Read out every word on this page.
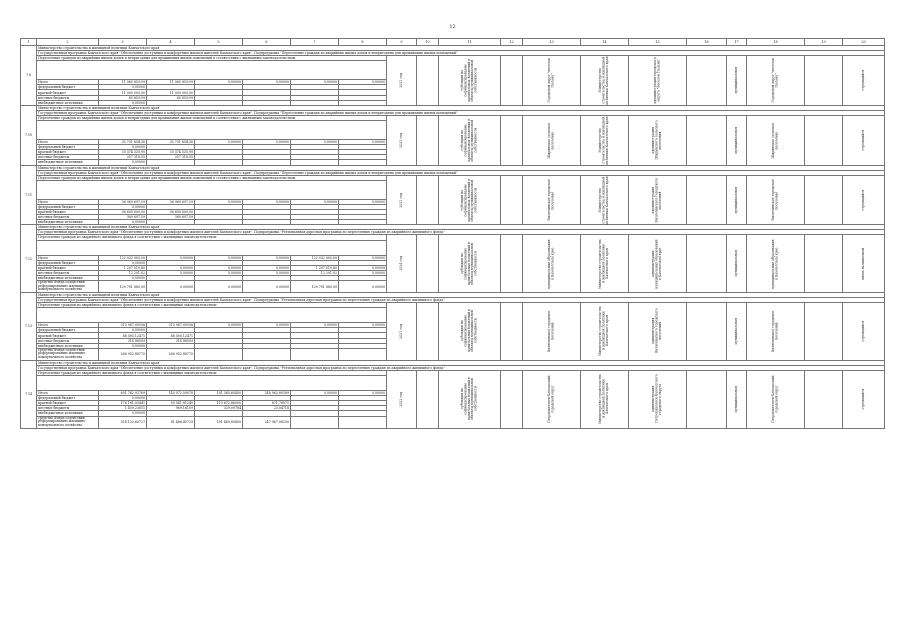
12
1	2	3	4	5	6	7	8	9	10	11	12	13	14	15	16	17	18	19	20
7.8	Министерство строительства и жилищной политики Камчатского края																		
	Государственная программа Камчатского края "Обеспечение доступным и комфортным жильем жителей Камчатского края". Подпрограмма "Переселение граждан из аварийных жилых домов и непригодных для проживания жилых помещений"																		
	Переселение граждан из аварийных жилых домов и непригодных для проживания жилых помещений в соответствии с жилищным законодательством							2021 год		субсидии на софинансирование капитальных вложений в объекты муниципальной собственности		Городской округ "поселок Палана"	Министерство строительства и жилищной политики Камчатского края	администрация городского округа "поселок Палана"		муниципальная	Городской округ "поселок Палана"		строящийся

	Итого	11 065 859,99	11 065 859,99	0,00000	0,00000	0,00000	0,00000												
	федеральный бюджет	0,00000																	
	краевой бюджет	11 000 000,00	11 000 000,00																
	местные бюджеты	65 859,99	65 859,99																
	внебюджетные источники	0,00000																	
7.10	Министерство строительства и жилищной политики Камчатского края																		
	Государственная программа Камчатского края "Обеспечение доступным и комфортным жильем жителей Камчатского края". Подпрограмма "Переселение граждан из аварийных жилых домов и непригодных для проживания жилых помещений"																		
	Переселение граждан из аварийных жилых домов и непригодных для проживания жилых помещений в соответствии с жилищным законодательством							2021 год		субсидии на софинансирование капитальных вложений в объекты муниципальной собственности		Ширинское сельское поселение	Министерство строительства и жилищной политики Камчатского края	администрация Ширинского сельского поселения		муниципальная	Ширинское сельское поселение		строящийся

	Итого	35 731 854,36	35 731 854,36	0,00000	0,00000	0,00000	0,00000												
	федеральный бюджет	0,00000																	
	краевой бюджет	35 374 535,90	35 374 535,90																
	местные бюджеты	357 318,55	357 318,55																
	внебюджетные источники	0,00000																	
7.11	Министерство строительства и жилищной политики Камчатского края																		
	Государственная программа Камчатского края "Обеспечение доступным и комфортным жильем жителей Камчатского края". Подпрограмма "Переселение граждан из аварийных жилых домов и непригодных для проживания жилых помещений"																		
	Переселение граждан из аварийных жилых домов и непригодных для проживания жилых помещений в соответствии с жилищным законодательством							2021 год		субсидии на софинансирование капитальных вложений в объекты муниципальной собственности		Вилючинское городское поселение	Министерство строительства и жилищной политики Камчатского края	администрация Вилючинского городского поселения		муниципальная	Вилючинское городское поселение		строящийся

	Итого	36 969 697,59	36 969 697,59	0,00000	0,00000	0,00000	0,00000												
	федеральный бюджет	0,00000																	
	краевой бюджет	36 600 000,00	36 600 000,00																
	местные бюджеты	369 697,59	369 697,59																
	внебюджетные источники	0,00000																	
7.12	Министерство строительства и жилищной политики Камчатского края																		
	Государственная программа Камчатского края "Обеспечение доступным и комфортным жильем жителей Камчатского края". Подпрограмма "Региональная адресная программа по переселению граждан из аварийного жилищного фонда"																		
	Переселение граждан из аварийного жилищного фонда в соответствии с жилищным законодательством							2024 год		субсидии на софинансирование капитальных вложений в объекты муниципальной собственности		муниципальные образования в Камчатском крае	Министерство строительства и жилищной политики Камчатского края	администрации муниципальных образований в Камчатском крае		муниципальная	муниципальные образования в Камчатском крае		вновь начинаемый

	Итого	122 032 000,00	0,00000	0,00000	0,00000	122 032 000,00	0,00000												
	федеральный бюджет	0,00000																	
	краевой бюджет	1 207 519,80	0,00000	0,00000	0,00000	1 207 519,80	0,00000												
	местные бюджеты	12 201,02	0,00000	0,00000	0,00000	12 201,02	0,00000												
	внебюджетные источники	0,00000																	
	средства Фонда содействия реформированию жилищно-коммунального хозяйства	120 791 880,00	0,00000	0,00000	0,00000	120 791 880,00	0,00000												
7.13	Министерство строительства и жилищной политики Камчатского края																		
	Государственная программа Камчатского края "Обеспечение доступным и комфортным жильем жителей Камчатского края". Подпрограмма "Региональная адресная программа по переселению граждан из аварийного жилищного фонда"																		
	Переселение граждан из аварийного жилищного фонда в соответствии с жилищным законодательством							2021 год		субсидии на софинансирование капитальных вложений в объекты муниципальной собственности		Вилючинское городское поселение	Министерство строительства и жилищной политики Камчатского края	администрация Вилючинского городского поселения		муниципальная	Вилючинское городское поселение		строящийся

	Итого	315 967,00556	315 967,00556	0,00000	0,00000	0,00000	0,00000												
	федеральный бюджет	0,00000																	
	краевой бюджет	48 585,12471	48 585,12471																
	местные бюджеты	314 88509	314 88509																
	внебюджетные источники	0,00000																	
	средства Фонда содействия реформированию жилищно-коммунального хозяйства	266 952,88770	266 952,88770																
7.14	Министерство строительства и жилищной политики Камчатского края																		
	Государственная программа Камчатского края "Обеспечение доступным и комфортным жильем жителей Камчатского края". Подпрограмма "Региональная адресная программа по переселению граждан из аварийного жилищного фонда"																		
	Переселение граждан из аварийного жилищного фонда в соответствии с жилищным законодательством							2022 год		субсидии на софинансирование капитальных вложений в объекты муниципальной собственности		Петропавловск-Камчатский городской округ	Министерство строительства и жилищной политики Камчатского края	администрация Петропавловск-Камчатского городского округа		муниципальная	Петропавловск-Камчатский городской округ		строящийся

	Итого	691 762,93769	140 072,59078	181 365,60400	248 962,89289	0,00000	0,00000												
	федеральный бюджет	0,00000																	
	краевой бюджет	176 161,05441	50 541,81240	119 672,86000	871,76871														
	местные бюджеты	1 459,23611	969,16109	329,09784	23,04718														
	внебюджетные источники	0,00000																	
	средства Фонда содействия реформированию жилищно-коммунального хозяйства	514 133,60727	81 486,45729	181 460,60400	247 967,08200														
